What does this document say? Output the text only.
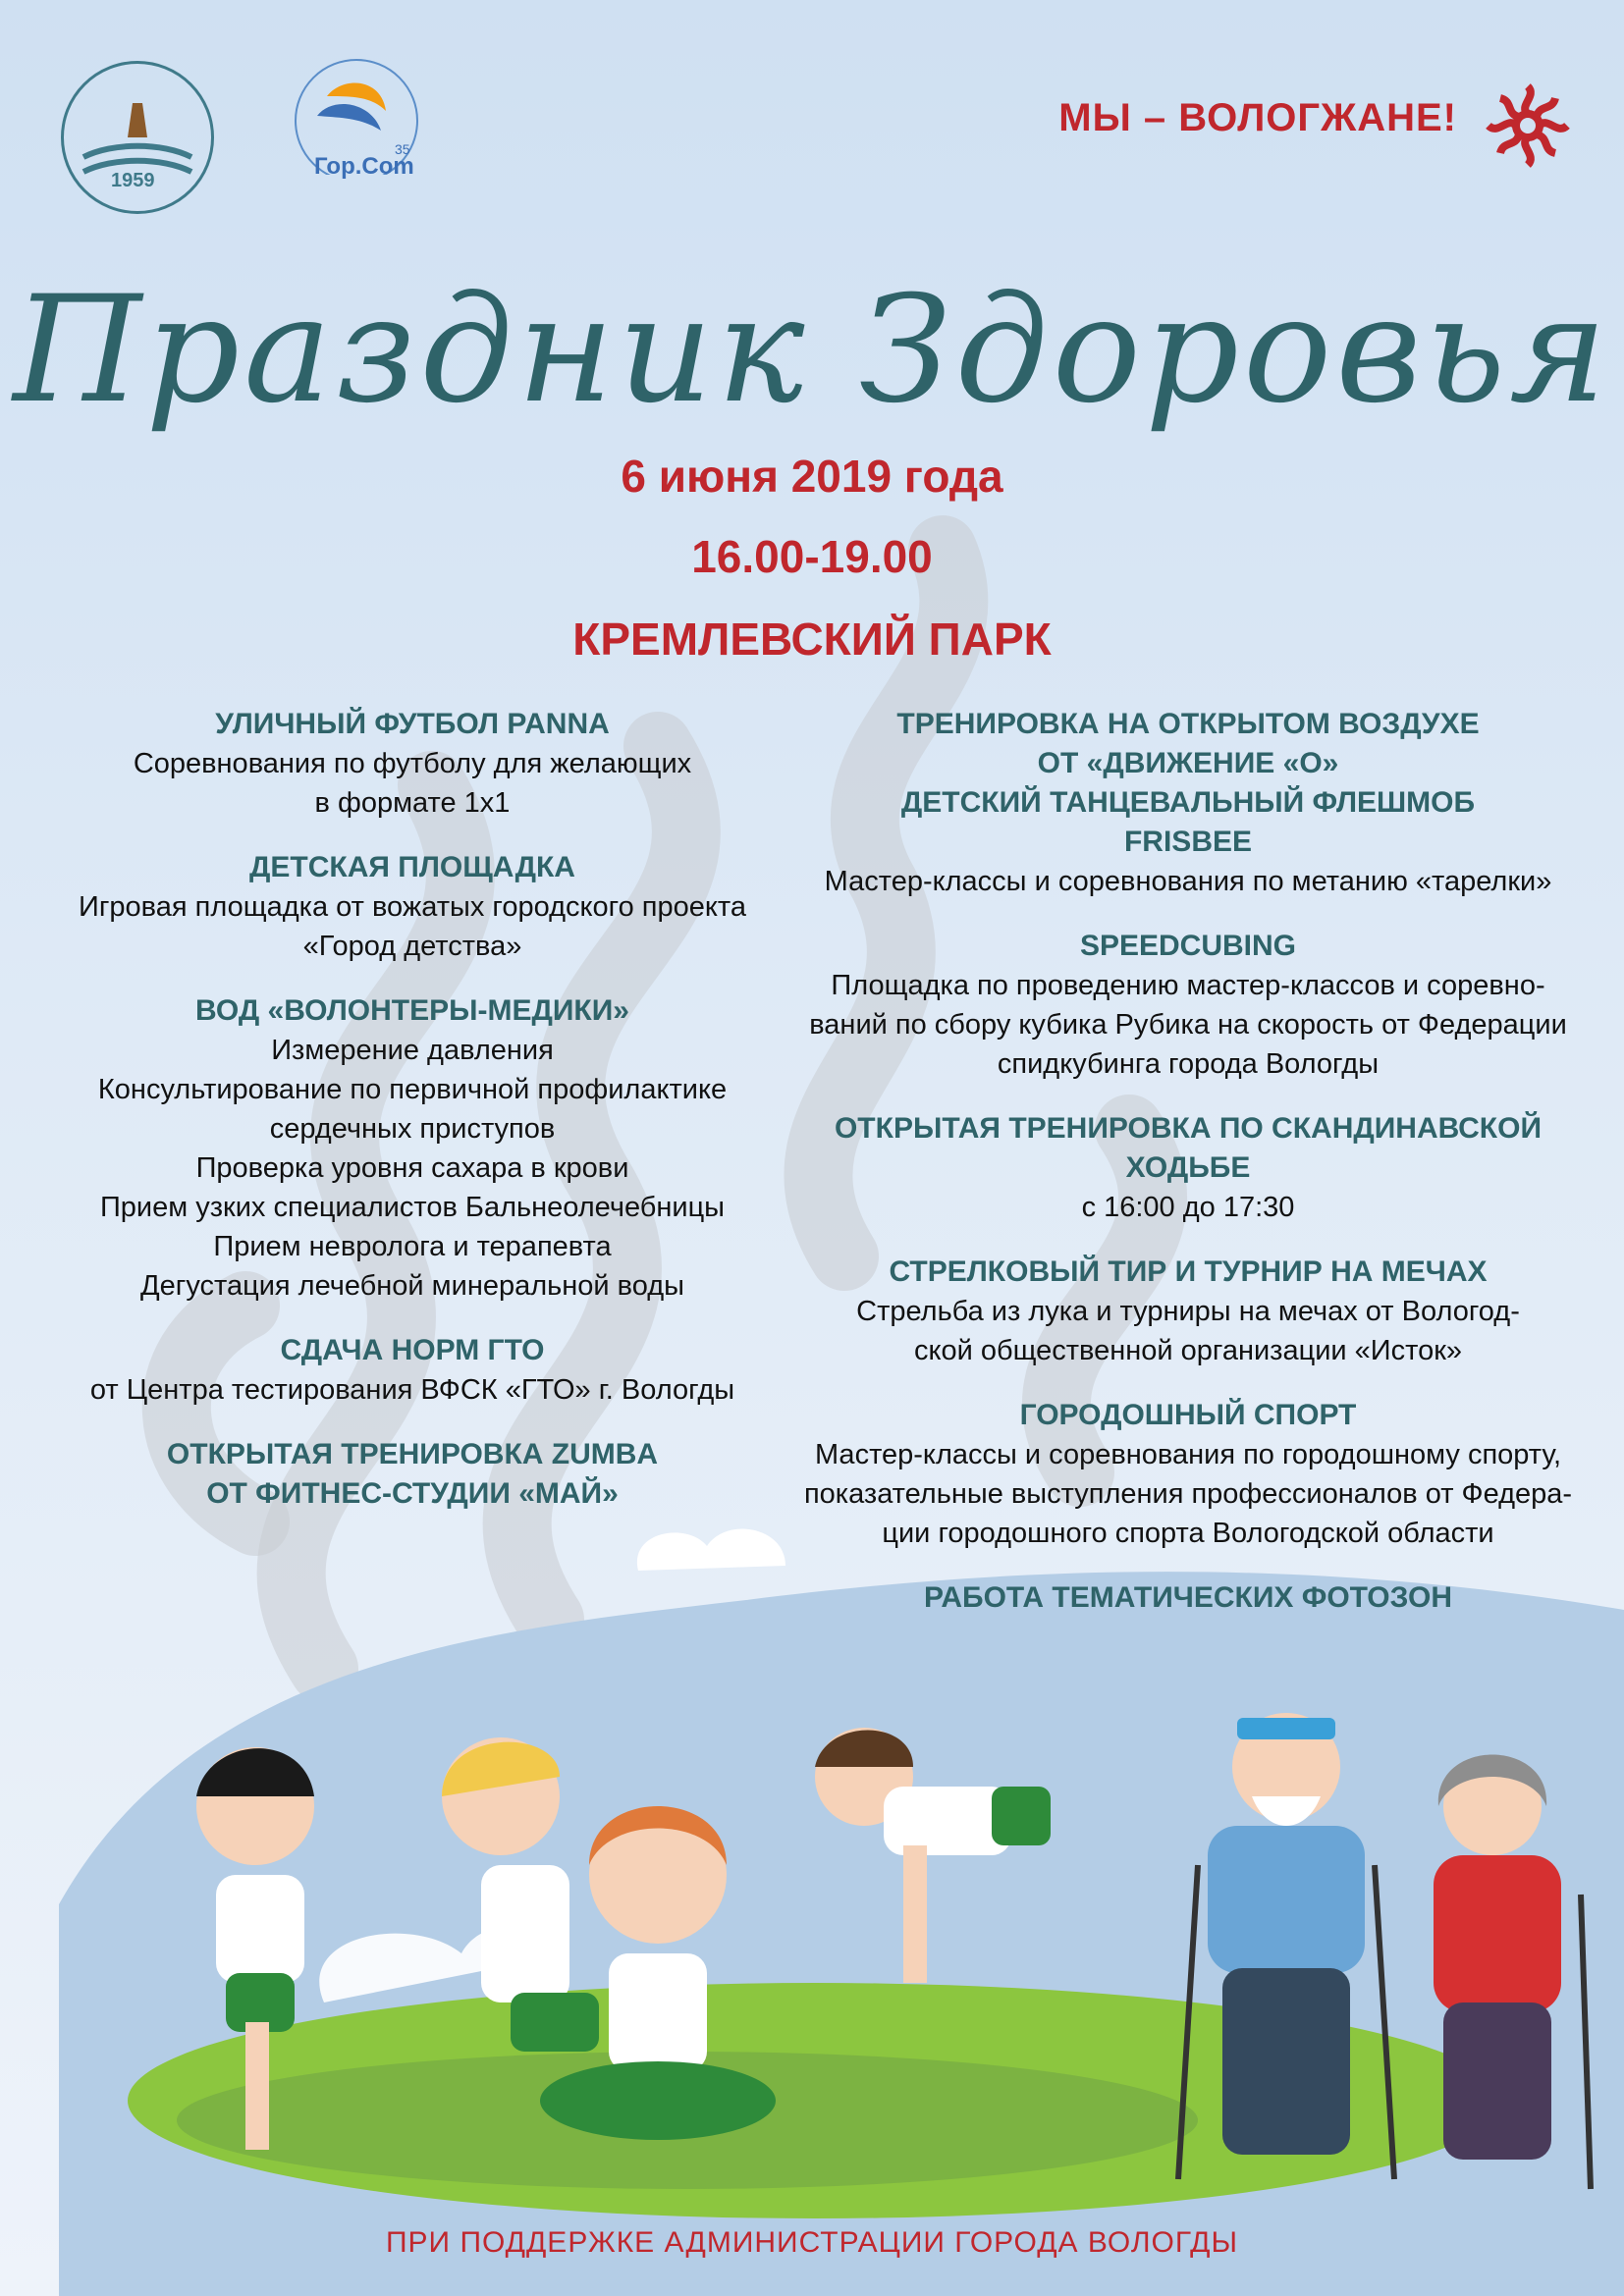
1959
Гор.Com
35
МЫ – ВОЛОГЖАНЕ!
Праздник Здоровья
6 июня 2019 года
16.00-19.00
КРЕМЛЕВСКИЙ ПАРК
УЛИЧНЫЙ ФУТБОЛ PANNA
Соревнования по футболу для желающих
в формате 1х1
ДЕТСКАЯ ПЛОЩАДКА
Игровая площадка от вожатых городского проекта
«Город детства»
ВОД «ВОЛОНТЕРЫ-МЕДИКИ»
Измерение давления
Консультирование по первичной профилактике
сердечных приступов
Проверка уровня сахара в крови
Прием узких специалистов Бальнеолечебницы
Прием невролога и терапевта
Дегустация лечебной минеральной воды
СДАЧА НОРМ ГТО
от Центра тестирования ВФСК «ГТО» г. Вологды
ОТКРЫТАЯ ТРЕНИРОВКА ZUMBA
ОТ ФИТНЕС-СТУДИИ «МАЙ»
ТРЕНИРОВКА НА ОТКРЫТОМ ВОЗДУХЕ
ОТ «ДВИЖЕНИЕ «О»
ДЕТСКИЙ ТАНЦЕВАЛЬНЫЙ ФЛЕШМОБ
FRISBEE
Мастер-классы и соревнования по метанию «тарелки»
SPEEDCUBING
Площадка по проведению мастер-классов и соревно-
ваний по сбору кубика Рубика на скорость от Федерации
спидкубинга города Вологды
ОТКРЫТАЯ ТРЕНИРОВКА ПО СКАНДИНАВСКОЙ
ХОДЬБЕ
с 16:00 до 17:30
СТРЕЛКОВЫЙ ТИР И ТУРНИР НА МЕЧАХ
Стрельба из лука и турниры на мечах от Вологод-
ской общественной организации «Исток»
ГОРОДОШНЫЙ СПОРТ
Мастер-классы и соревнования по городошному спорту,
показательные выступления профессионалов от Федера-
ции городошного спорта Вологодской области
РАБОТА ТЕМАТИЧЕСКИХ ФОТОЗОН
ПРИ ПОДДЕРЖКЕ АДМИНИСТРАЦИИ ГОРОДА ВОЛОГДЫ
